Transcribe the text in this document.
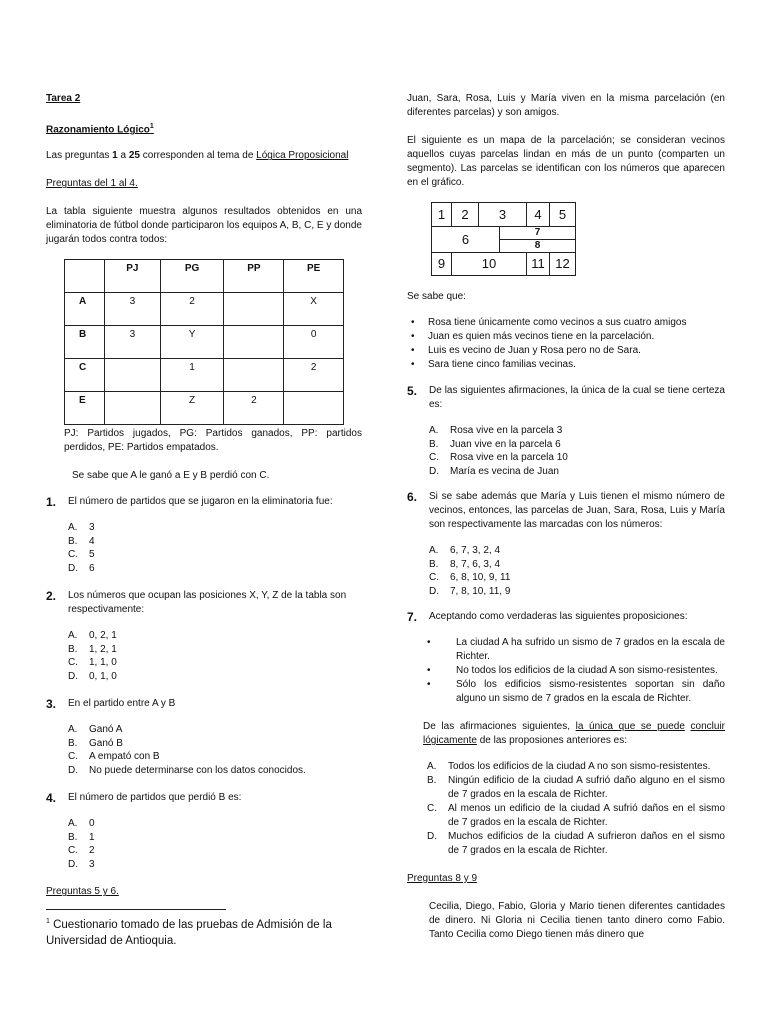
Tarea 2

Razonamiento Lógico$^1$

Las preguntas 1 a 25 corresponden al tema de Lógica Proposicional

Preguntas del 1 al 4.

La tabla siguiente muestra algunos resultados obtenidos en una eliminatoria de fútbol donde participaron los equipos A, B, C, E y donde jugarán todos contra todos:

	PJ	PG	PP	PE
A	3	2		X
B	3	Y		0
C		1		2
E		Z	2	

PJ: Partidos jugados, PG: Partidos ganados, PP: partidos perdidos, PE: Partidos empatados.

Se sabe que A le ganó a E y B perdió con C.

1.	El número de partidos que se jugaron en la eliminatoria fue:
A.	3
B.	4
C.	5
D.	6
2.	Los números que ocupan las posiciones X, Y, Z de la tabla son respectivamente:
A.	0, 2, 1
B.	1, 2, 1
C.	1, 1, 0
D.	0, 1, 0
3.	En el partido entre A y B
A.	Ganó A
B.	Ganó B
C.	A empató con B
D.	No puede determinarse con los datos conocidos.
4.	El número de partidos que perdió B es:
A.	0
B.	1
C.	2
D.	3

Preguntas 5 y 6.

$^1$ Cuestionario tomado de las pruebas de Admisión de la Universidad de Antioquia.

Juan, Sara, Rosa, Luis y María viven en la misma parcelación (en diferentes parcelas) y son amigos.

El siguiente es un mapa de la parcelación; se consideran vecinos aquellos cuyas parcelas lindan en más de un punto (comparten un segmento). Las parcelas se identifican con los números que aparecen en el gráfico.

1	2	3	4	5
6	7
8
9	10	11 12

Se sabe que:

•	Rosa tiene únicamente como vecinos a sus cuatro amigos
•	Juan es quien más vecinos tiene en la parcelación.
•	Luis es vecino de Juan y Rosa pero no de Sara.
•	Sara tiene cinco familias vecinas.
5.	De las siguientes afirmaciones, la única de la cual se tiene certeza es:
A.	Rosa vive en la parcela 3
B.	Juan vive en la parcela 6
C.	Rosa vive en la parcela 10
D.	María es vecina de Juan
6.	Si se sabe además que María y Luis tienen el mismo número de vecinos, entonces, las parcelas de Juan, Sara, Rosa, Luis y María son respectivamente las marcadas con los números:
A.	6, 7, 3, 2, 4
B.	8, 7, 6, 3, 4
C.	6, 8, 10, 9, 11
D.	7, 8, 10, 11, 9
7.	Aceptando como verdaderas las siguientes proposiciones:
•	La ciudad A ha sufrido un sismo de 7 grados en la escala de Richter.
•	No todos los edificios de la ciudad A son sismo-resistentes.
•	Sólo los edificios sismo-resistentes soportan sin daño alguno un sismo de 7 grados en la escala de Richter.

De las afirmaciones siguientes, la única que se puede concluir lógicamente de las proposiones anteriores es:

A.	Todos los edificios de la ciudad A no son sismo-resistentes.
B.	Ningún edificio de la ciudad A sufrió daño alguno en el sismo de 7 grados en la escala de Richter.
C.	Al menos un edificio de la ciudad A sufrió daños en el sismo de 7 grados en la escala de Richter.
D.	Muchos edificios de la ciudad A sufrieron daños en el sismo de 7 grados en la escala de Richter.

Preguntas 8 y 9

Cecilia, Diego, Fabio, Gloria y Mario tienen diferentes cantidades de dinero. Ni Gloria ni Cecilia tienen tanto dinero como Fabio. Tanto Cecilia como Diego tienen más dinero que
